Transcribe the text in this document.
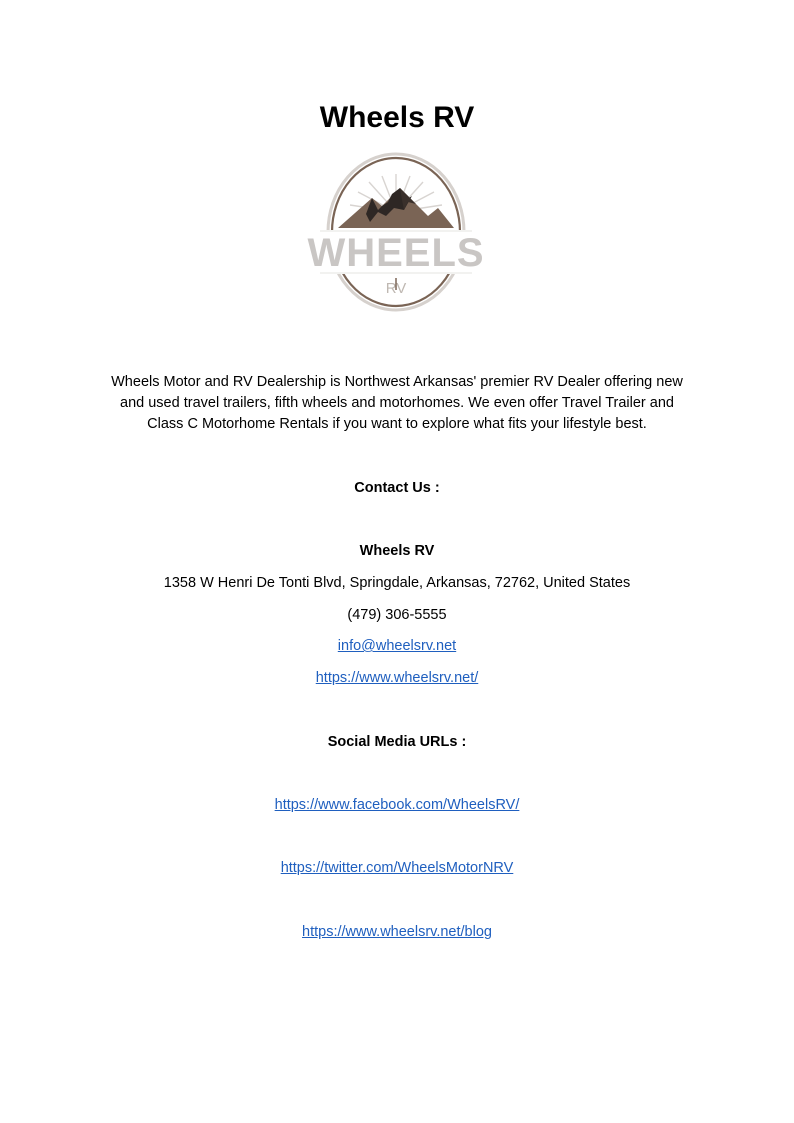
Wheels RV
WHEELS
RV
Wheels Motor and RV Dealership is Northwest Arkansas' premier RV Dealer offering new and used travel trailers, fifth wheels and motorhomes. We even offer Travel Trailer and Class C Motorhome Rentals if you want to explore what fits your lifestyle best.
Contact Us :
Wheels RV
1358 W Henri De Tonti Blvd, Springdale, Arkansas, 72762, United States
(479) 306-5555
info@wheelsrv.net
https://www.wheelsrv.net/
Social Media URLs :
https://www.facebook.com/WheelsRV/
https://twitter.com/WheelsMotorNRV
https://www.wheelsrv.net/blog
